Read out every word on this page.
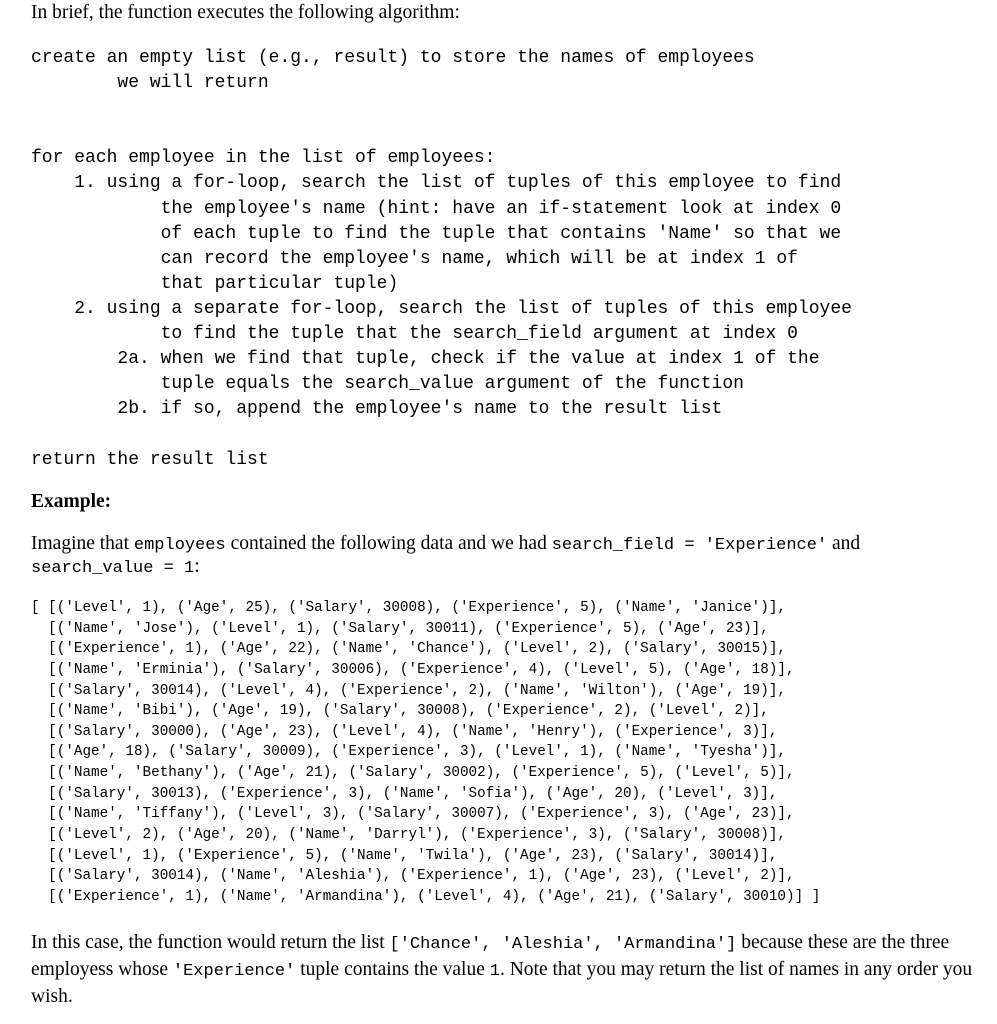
In brief, the function executes the following algorithm:

create an empty list (e.g., result) to store the names of employees
we will return
for each employee in the list of employees:
1. using a for-loop, search the list of tuples of this employee to find
the employee's name (hint: have an if-statement look at index 0
of each tuple to find the tuple that contains 'Name' so that we
can record the employee's name, which will be at index 1 of
that particular tuple)
2. using a separate for-loop, search the list of tuples of this employee
to find the tuple that the search_field argument at index 0
2a. when we find that tuple, check if the value at index 1 of the
tuple equals the search_value argument of the function
2b. if so, append the employee's name to the result list
return the result list

Example:

Imagine that employees contained the following data and we had search_field = 'Experience' and
search_value = 1:

[ [('Level', 1), ('Age', 25), ('Salary', 30008), ('Experience', 5), ('Name', 'Janice')],
[('Name', 'Jose'), ('Level', 1), ('Salary', 30011), ('Experience', 5), ('Age', 23)],
[('Experience', 1), ('Age', 22), ('Name', 'Chance'), ('Level', 2), ('Salary', 30015)],
[('Name', 'Erminia'), ('Salary', 30006), ('Experience', 4), ('Level', 5), ('Age', 18)],
[('Salary', 30014), ('Level', 4), ('Experience', 2), ('Name', 'Wilton'), ('Age', 19)],
[('Name', 'Bibi'), ('Age', 19), ('Salary', 30008), ('Experience', 2), ('Level', 2)],
[('Salary', 30000), ('Age', 23), ('Level', 4), ('Name', 'Henry'), ('Experience', 3)],
[('Age', 18), ('Salary', 30009), ('Experience', 3), ('Level', 1), ('Name', 'Tyesha')],
[('Name', 'Bethany'), ('Age', 21), ('Salary', 30002), ('Experience', 5), ('Level', 5)],
[('Salary', 30013), ('Experience', 3), ('Name', 'Sofia'), ('Age', 20), ('Level', 3)],
[('Name', 'Tiffany'), ('Level', 3), ('Salary', 30007), ('Experience', 3), ('Age', 23)],
[('Level', 2), ('Age', 20), ('Name', 'Darryl'), ('Experience', 3), ('Salary', 30008)],
[('Level', 1), ('Experience', 5), ('Name', 'Twila'), ('Age', 23), ('Salary', 30014)],
[('Salary', 30014), ('Name', 'Aleshia'), ('Experience', 1), ('Age', 23), ('Level', 2)],
[('Experience', 1), ('Name', 'Armandina'), ('Level', 4), ('Age', 21), ('Salary', 30010)] ]

In this case, the function would return the list ['Chance', 'Aleshia', 'Armandina'] because these are the three employess whose 'Experience' tuple contains the value 1. Note that you may return the list of names in any order you wish.
